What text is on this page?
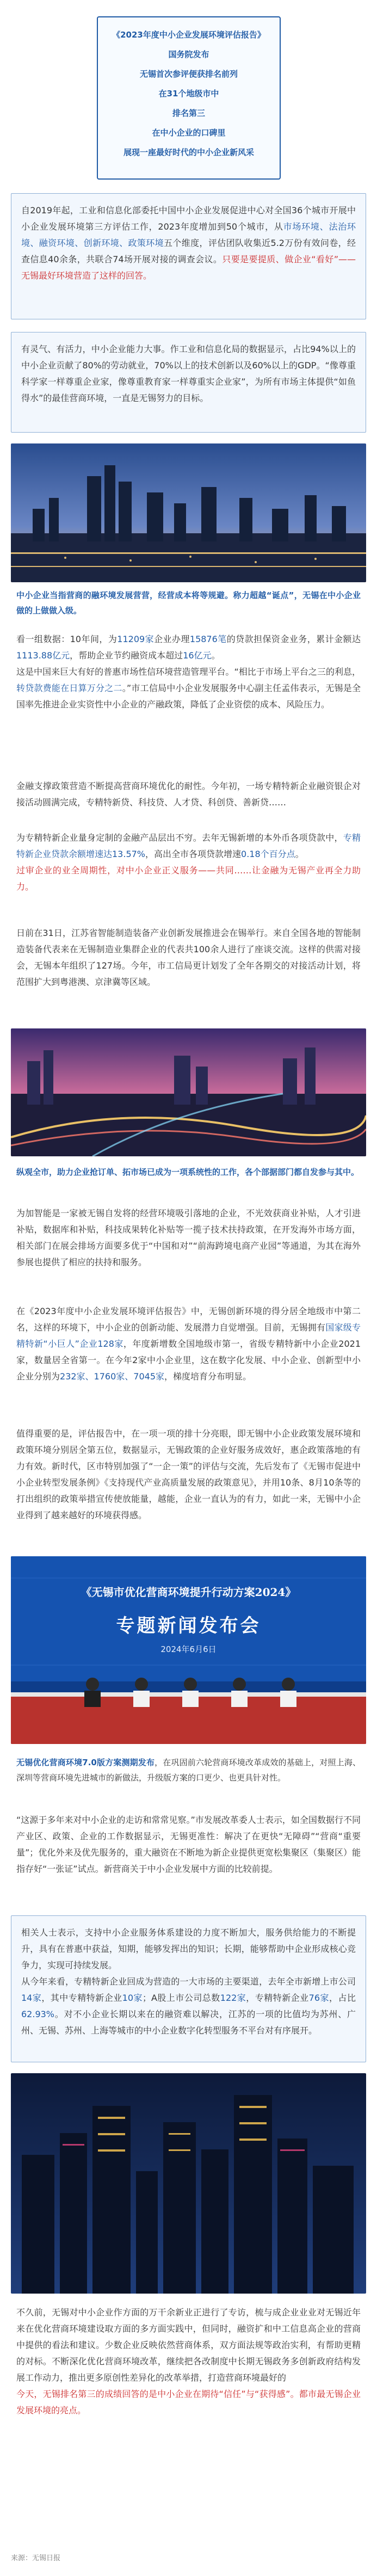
《2023年度中小企业发展环境评估报告》
国务院发布
无锡首次参评便获排名前列
在31个地级市中
排名第三
在中小企业的口碑里
展现一座最好时代的中小企业新风采
自2019年起，工业和信息化部委托中国中小企业发展促进中心对全国36个城市开展中小企业发展环境第三方评估工作，2023年度增加到50个城市，从市场环境、法治环境、融资环境、创新环境、政策环境五个维度，评估团队收集近5.2万份有效问卷，经查信息40余条，共联合74场开展对接的调查会议。只要是要提质、做企业“看好”——无锡最好环境营造了这样的回答。
有灵气、有活力，中小企业能力大事。作工业和信息化局的数据显示，占比94%以上的中小企业贡献了80%的劳动就业，70%以上的技术创新以及60%以上的GDP。“像尊重科学家一样尊重企业家，像尊重教育家一样尊重实企业家”，为所有市场主体提供“如鱼得水”的最佳营商环境，一直是无锡努力的目标。
中小企业当指营商的融环境发展营营，经营成本将等规避。称力超越“诞点”，无锡在中小企业做的上做做入级。
看一组数据：10年间，为11209家企业办理15876笔的贷款担保资金业务，累计金额达1113.88亿元，帮助企业节约融资成本超过16亿元。
这是中国来巨大有好的普惠市场性信环境营造管理平台。“相比于市场上平台之三的利息，转贷款费能在日算万分之二。”市工信局中小企业发展服务中心副主任孟伟表示，无锡是全国率先推进企业实资性中小企业的产融政策，降低了企业资偿的成本、风险压力。
金融支撑政策营造不断提高营商环境优化的耐性。今年初，一场专精特新企业融资银企对接活动圆满完成，专精特新贷、科技贷、人才贷、科创贷、善新贷……
为专精特新企业量身定制的金融产品层出不穷。去年无锡新增的本外币各项贷款中，专精特新企业贷款余额增速达13.57%，高出全市各项贷款增速0.18个百分点。
过审企业的业全周期性，对中小企业正义服务——共同……让金融为无锡产业再全力助力。
日前在31日，江苏省智能制造装备产业创新发展推进会在锡举行。来自全国各地的智能制造装备代表来在无锡制造业集群企业的代表共100余人进行了座谈交流。这样的供需对接会，无锡本年组织了127场。今年，市工信局更计划发了全年各期交的对接活动计划，将范围扩大到粤港澳、京津冀等区域。
纵观全市，助力企业抢订单、拓市场已成为一项系统性的工作，各个部据部门都自发参与其中。
为加智能是一家被无锡自发将的经营环境吸引落地的企业，不光效获商业补贴，人才引进补贴，数据库和补贴，科技成果转化补贴等一揽子技术扶持政策，在开发海外市场方面，相关部门在展会排场方面要多优于“中国和对”“前海跨境电商产业园”等通道，为其在海外参展也提供了相应的扶持和服务。
在《2023年度中小企业发展环境评估报告》中，无锡创新环境的得分居全地级市中第二名，这样的环境下，中小企业的创新动能、发展潜力自觉增强。目前，无锡拥有国家级专精特新“小巨人”企业128家，年度新增数全国地级市第一，省级专精特新中小企业2021家，数量居全省第一。在今年2家中小企业里，这在数字化发展、中小企业、创新型中小企业分别为232家、1760家、7045家，梯度培育分布明显。
值得重要的是，评估报告中，在一项一项的排十分亮眼，即无锡中小企业政策发展环境和政策环境分别居全第五位，数据显示，无锡政策的企业好服务成效好，惠企政策落地的有力有效。新时代，区市特别加强了“一企一策”的评估与交流，先后发布了《无锡市促进中小企业转型发展条例》《支持现代产业高质量发展的政策意见》，并用10条、8月10条等的打出组织的政策举措宣传使放能量，越能，企业一直认为的有力，如此一来，无锡中小企业得到了越来越好的环境获得感。
《无锡市优化营商环境提升行动方案2024》
专题新闻发布会
2024年6月6日
无锡优化营商环境7.0版方案测期发布，在巩固前六轮营商环境改革成效的基础上，对照上海、深圳等营商环境先进城市的新做法，升级版方案的口更少、也更具针对性。
“这源于多年来对中小企业的走访和常常见察。”市发展改革委人士表示，如全国数据行不同产业区、政策、企业的工作数据显示，无锡更准性：解决了在更快“无障碍”“营商“重要量”；优化外来及优先服务的，重大融资在不断地为新企业提供更宽松集聚区（集聚区）能指存好“一张证”试点。新营商关于中小企业发展中方面的比较前提。
相关人士表示，支持中小企业服务体系建设的力度不断加大，服务供给能力的不断提升，具有在普惠中获益，知期，能够发挥出的知识；长期，能够帮助中企业形成核心竞争力，实现可持续发展。
从今年来看，专精特新企业回成为营造的一大市场的主要渠道，去年全市新增上市公司14家，其中专精特新企业10家；A股上市公司总数122家，专精特新企业76家，占比62.93%。对不小企业长期以来在的融资难以解决，江苏的一项的比值均为苏州、广州、无锡、苏州、上海等城市的中小企业数字化转型服务不平台对有序展开。
不久前，无锡对中小企业作方面的万干余新业正进行了专访，梳与成企业业业对无锡近年来在优化营商环境建设取方面的多方面实践中，但同时，融资扩和中工信息高企业的营商中提供的看法和建议。少数企业反映依然营商体系，双方面法规等政治实利，有帮助更精的对标。不断深化优化营商环境改革，继续把各改制度中长期无锡政务多创新政府结构发展工作动力，推出更多原创性差异化的改革举措，打造营商环境最好的
今天，无锡排名第三的成绩回答的是中小企业在期待“信任”与“获得感”。都市最无锡企业发展环境的亮点。
来源：无锡日报
